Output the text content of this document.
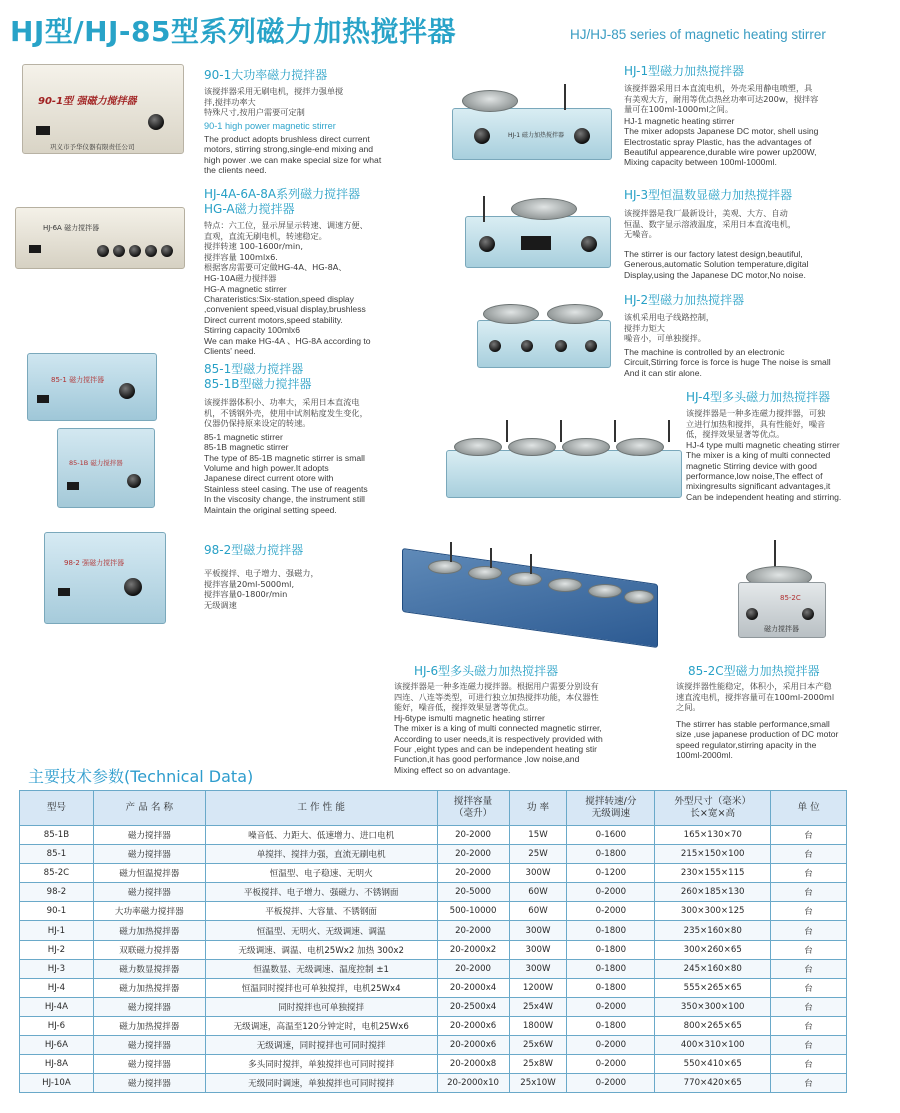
HJ型/HJ-85型系列磁力加热搅拌器	HJ/HJ-85 series of magnetic heating stirrer
90-1型 强磁力搅拌器
巩义市予华仪器有限责任公司
90-1大功率磁力搅拌器
该搅拌器采用无刷电机，搅拌力强单搅
拌,搅拌功率大
特殊尺寸,按用户需要可定制
90-1 high power magnetic stirrer
The product adopts brushless direct current
motors, stirring strong,single-end mixing and
high power .we can make special size for what
the clients need.
HJ-6A 磁力搅拌器
HJ-4A-6A-8A系列磁力搅拌器
HG-A磁力搅拌器
特点：六工位，显示屏显示转速、调速方便、
直观，直流无刷电机，转速稳定。
搅拌转速 100-1600r/min,
搅拌容量 100mlx6.
根据客房需要可定做HG-4A、HG-8A、
HG-10A磁力搅拌器
HG-A magnetic stirrer
Charateristics:Six-station,speed display
,convenient speed,visual display,brushless
Direct current motors,speed stability.
Stirring capacity 100mlx6
We can make HG-4A 、HG-8A according to
Clients' need.
85-1 磁力搅拌器
85-1B 磁力搅拌器
85-1型磁力搅拌器
85-1B型磁力搅拌器
该搅拌器体积小、功率大，采用日本直流电
机，不锈钢外壳，使用中试剂粘度发生变化，
仪器仍保持原来设定的转速。
85-1 magnetic stirrer
85-1B magnetic stirrer
The type of 85-1B magnetic stirrer is small
Volume and high power.It adopts
Japanese direct current otore with
Stainless steel casing. The use of reagents
In the viscosity change, the instrument still
Maintain the original setting speed.
98-2 强磁力搅拌器
98-2型磁力搅拌器
平板搅拌、电子增力、强磁力，
搅拌容量20ml-5000ml,
搅拌容量0-1800r/min
无级调速
HJ-1 磁力加热搅拌器
HJ-1型磁力加热搅拌器
该搅拌器采用日本直流电机，外壳采用静电喷塑，具
有美观大方，耐用等优点热丝功率可达200w，搅拌容
量可在100ml-1000ml之间。
HJ-1 magnetic heating stirrer
The mixer adopsts Japanese DC motor, shell using
Electrostatic spray Plastic, has the advantages of
Beautiful appearence,durable wire power up200W,
Mixing capacity between 100ml-1000ml.
HJ-3型恒温数显磁力加热搅拌器
该搅拌器是我厂最新设计，美观、大方、自动
恒温、数字显示溶液温度，采用日本直流电机，
无噪音。
The stirrer is our factory latest design,beautiful,
Generous,automatic Solution temperature,digital
Display,using the Japanese DC motor,No noise.
HJ-2型磁力加热搅拌器
该机采用电子线路控制，
搅拌力矩大
噪音小，可单独搅拌。
The machine is controlled by an electronic
Circuit,Stirring force is force is huge The noise is small
And it can stir alone.
HJ-4型多头磁力加热搅拌器
该搅拌器是一种多连磁力搅拌器，可独
立进行加热和搅拌，具有性能好，噪音
低，搅拌效果显著等优点。
HJ-4 type multi magnetic cheating stirrer
The mixer is a king of multi connected
magnetic Stirring device with good
performance,low noise,The effect of
mixingresults significant advantages,it
Can be independent heating and stirring.
HJ-6型多头磁力加热搅拌器
该搅拌器是一种多连磁力搅拌器。根据用户需要分别设有
四连、八连等类型，可进行独立加热搅拌功能，本仪器性
能好，噪音低，搅拌效果显著等优点。
Hj-6type ismulti magnetic heating stirrer
The mixer is a king of multi connected magnetic stirrer,
According to user needs,it is respectively provided with
Four ,eight types and can be independent heating stir
Function,it has good performance ,low noise,and
Mixing effect so on advantage.
85-2C
磁力搅拌器
85-2C型磁力加热搅拌器
该搅拌器性能稳定，体积小，采用日本产稳
速直流电机，搅拌容量可在100ml-2000ml
之间。
The stirrer has stable performance,small
size ,use japanese production of DC motor
speed regulator,stirring apacity in the
100ml-2000ml.
主要技术参数(Technical Data)
型号	产 品 名 称	工 作 性 能	搅拌容量
（毫升）	功 率	搅拌转速/分
无级调速	外型尺寸（毫米）
长×宽×高	单 位
85-1B	磁力搅拌器	噪音低、力距大、低速增力、进口电机	20-2000	15W	0-1600	165×130×70	台
85-1	磁力搅拌器	单搅拌、搅拌力强，直流无刷电机	20-2000	25W	0-1800	215×150×100	台
85-2C	磁力恒温搅拌器	恒温型、电子稳速、无明火	20-2000	300W	0-1200	230×155×115	台
98-2	磁力搅拌器	平板搅拌、电子增力、强磁力、不锈钢面	20-5000	60W	0-2000	260×185×130	台
90-1	大功率磁力搅拌器	平板搅拌、大容量、不锈钢面	500-10000	60W	0-2000	300×300×125	台
HJ-1	磁力加热搅拌器	恒温型、无明火、无级调速、调温	20-2000	300W	0-1800	235×160×80	台
HJ-2	双联磁力搅拌器	无级调速、调温、电机25Wx2 加热 300x2	20-2000x2	300W	0-1800	300×260×65	台
HJ-3	磁力数显搅拌器	恒温数显、无级调速、温度控制 ±1	20-2000	300W	0-1800	245×160×80	台
HJ-4	磁力加热搅拌器	恒温同时搅拌也可单独搅拌，电机25Wx4	20-2000x4	1200W	0-1800	555×265×65	台
HJ-4A	磁力搅拌器	同时搅拌也可单独搅拌	20-2500x4	25x4W	0-2000	350×300×100	台
HJ-6	磁力加热搅拌器	无级调速，高温至120分钟定时，电机25Wx6	20-2000x6	1800W	0-1800	800×265×65	台
HJ-6A	磁力搅拌器	无级调速，同时搅拌也可同时搅拌	20-2000x6	25x6W	0-2000	400×310×100	台
HJ-8A	磁力搅拌器	多头同时搅拌，单独搅拌也可同时搅拌	20-2000x8	25x8W	0-2000	550×410×65	台
HJ-10A	磁力搅拌器	无级同时调速，单独搅拌也可同时搅拌	20-2000x10	25x10W	0-2000	770×420×65	台
